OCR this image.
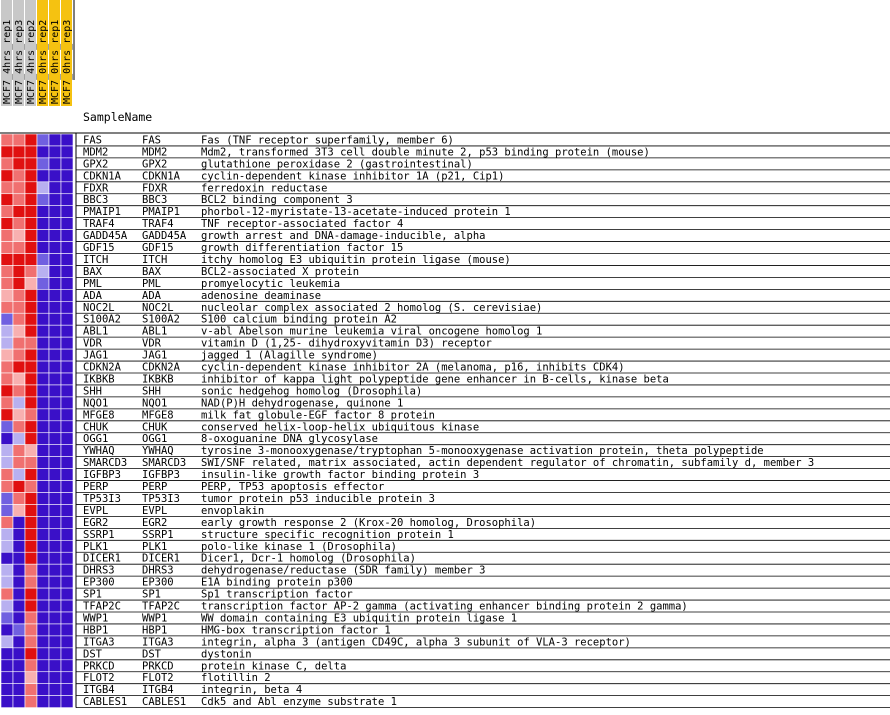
MCF7_4hrs_rep1 MCF7_4hrs_rep3 MCF7_4hrs_rep2 MCF7_0hrs_rep2 MCF7_0hrs_rep1 MCF7_0hrs_rep3
SampleName
FAS	FAS	Fas (TNF receptor superfamily, member 6)
MDM2	MDM2	Mdm2, transformed 3T3 cell double minute 2, p53 binding protein (mouse)
GPX2	GPX2	glutathione peroxidase 2 (gastrointestinal)
CDKN1A CDKN1A cyclin-dependent kinase inhibitor 1A (p21, Cip1)
FDXR	FDXR	ferredoxin reductase
BBC3	BBC3	BCL2 binding component 3
PMAIP1 PMAIP1 phorbol-12-myristate-13-acetate-induced protein 1
TRAF4	TRAF4	TNF receptor-associated factor 4
GADD45A GADD45A growth arrest and DNA-damage-inducible, alpha
GDF15	GDF15	growth differentiation factor 15
ITCH	ITCH	itchy homolog E3 ubiquitin protein ligase (mouse)
BAX	BAX	BCL2-associated X protein
PML	PML	promyelocytic leukemia
ADA	ADA	adenosine deaminase
NOC2L	NOC2L	nucleolar complex associated 2 homolog (S. cerevisiae)
S100A2 S100A2 S100 calcium binding protein A2
ABL1	ABL1	v-abl Abelson murine leukemia viral oncogene homolog 1
VDR	VDR	vitamin D (1,25- dihydroxyvitamin D3) receptor
JAG1	JAG1	jagged 1 (Alagille syndrome)
CDKN2A CDKN2A cyclin-dependent kinase inhibitor 2A (melanoma, p16, inhibits CDK4)
IKBKB	IKBKB	inhibitor of kappa light polypeptide gene enhancer in B-cells, kinase beta
SHH	SHH	sonic hedgehog homolog (Drosophila)
NQO1	NQO1	NAD(P)H dehydrogenase, quinone 1
MFGE8	MFGE8	milk fat globule-EGF factor 8 protein
CHUK	CHUK	conserved helix-loop-helix ubiquitous kinase
OGG1	OGG1	8-oxoguanine DNA glycosylase
YWHAQ	YWHAQ	tyrosine 3-monooxygenase/tryptophan 5-monooxygenase activation protein, theta polypeptide
SMARCD3 SMARCD3 SWI/SNF related, matrix associated, actin dependent regulator of chromatin, subfamily d, member 3
IGFBP3 IGFBP3 insulin-like growth factor binding protein 3
PERP	PERP	PERP, TP53 apoptosis effector
TP53I3 TP53I3 tumor protein p53 inducible protein 3
EVPL	EVPL	envoplakin
EGR2	EGR2	early growth response 2 (Krox-20 homolog, Drosophila)
SSRP1	SSRP1	structure specific recognition protein 1
PLK1	PLK1	polo-like kinase 1 (Drosophila)
DICER1 DICER1 Dicer1, Dcr-1 homolog (Drosophila)
DHRS3	DHRS3	dehydrogenase/reductase (SDR family) member 3
EP300	EP300	E1A binding protein p300
SP1	SP1	Sp1 transcription factor
TFAP2C TFAP2C transcription factor AP-2 gamma (activating enhancer binding protein 2 gamma)
WWP1	WWP1	WW domain containing E3 ubiquitin protein ligase 1
HBP1	HBP1	HMG-box transcription factor 1
ITGA3	ITGA3	integrin, alpha 3 (antigen CD49C, alpha 3 subunit of VLA-3 receptor)
DST	DST	dystonin
PRKCD	PRKCD	protein kinase C, delta
FLOT2	FLOT2	flotillin 2
ITGB4	ITGB4	integrin, beta 4
CABLES1 CABLES1 Cdk5 and Abl enzyme substrate 1
